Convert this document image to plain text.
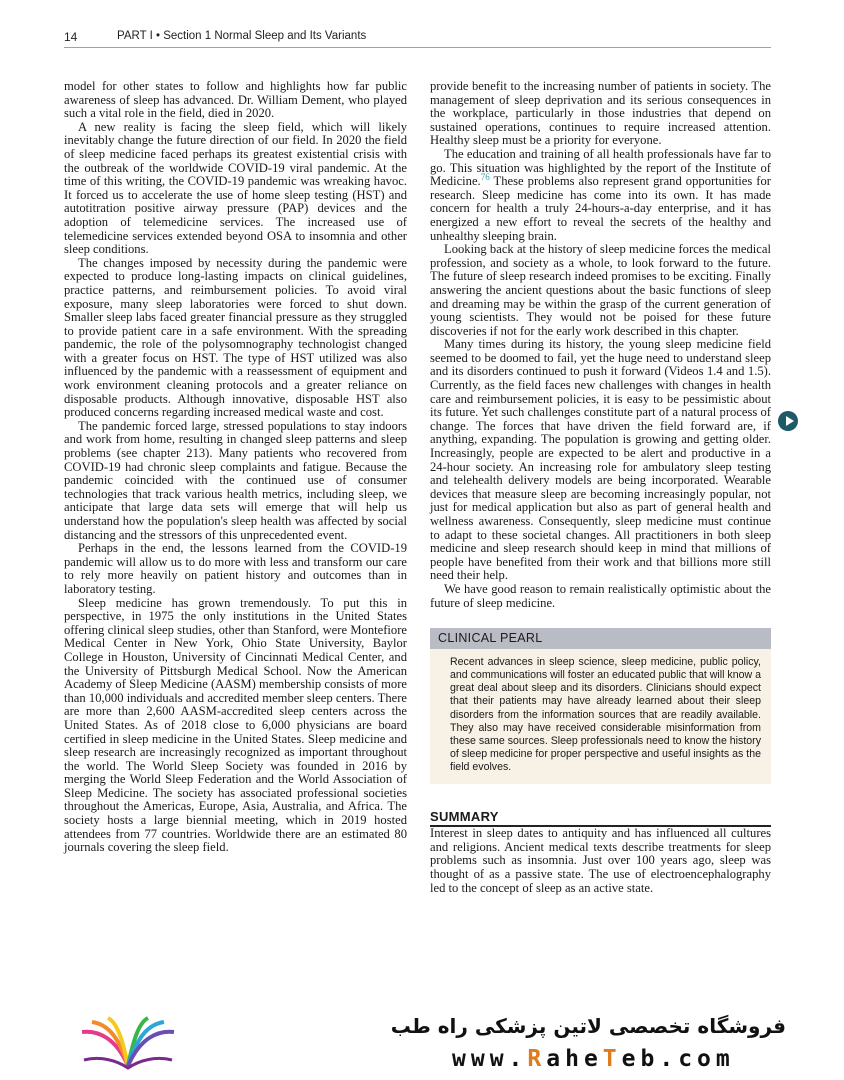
14	PART I • Section 1 Normal Sleep and Its Variants

model for other states to follow and highlights how far public awareness of sleep has advanced. Dr. William Dement, who played such a vital role in the field, died in 2020.

A new reality is facing the sleep field, which will likely inevitably change the future direction of our field. In 2020 the field of sleep medicine faced perhaps its greatest existential crisis with the outbreak of the worldwide COVID-19 viral pandemic. At the time of this writing, the COVID-19 pandemic was wreaking havoc. It forced us to accelerate the use of home sleep testing (HST) and autotitration positive airway pressure (PAP) devices and the adoption of telemedicine services. The increased use of telemedicine services extended beyond OSA to insomnia and other sleep conditions.

The changes imposed by necessity during the pandemic were expected to produce long-lasting impacts on clinical guidelines, practice patterns, and reimbursement policies. To avoid viral exposure, many sleep laboratories were forced to shut down. Smaller sleep labs faced greater financial pressure as they struggled to provide patient care in a safe environment. With the spreading pandemic, the role of the polysomnography technologist changed with a greater focus on HST. The type of HST utilized was also influenced by the pandemic with a reassessment of equipment and work environment cleaning protocols and a greater reliance on disposable products. Although innovative, disposable HST also produced concerns regarding increased medical waste and cost.

The pandemic forced large, stressed populations to stay indoors and work from home, resulting in changed sleep patterns and sleep problems (see chapter 213). Many patients who recovered from COVID-19 had chronic sleep complaints and fatigue. Because the pandemic coincided with the continued use of consumer technologies that track various health metrics, including sleep, we anticipate that large data sets will emerge that will help us understand how the population's sleep health was affected by social distancing and the stressors of this unprecedented event.

Perhaps in the end, the lessons learned from the COVID-19 pandemic will allow us to do more with less and transform our care to rely more heavily on patient history and outcomes than in laboratory testing.

Sleep medicine has grown tremendously. To put this in perspective, in 1975 the only institutions in the United States offering clinical sleep studies, other than Stanford, were Montefiore Medical Center in New York, Ohio State University, Baylor College in Houston, University of Cincinnati Medical Center, and the University of Pittsburgh Medical School. Now the American Academy of Sleep Medicine (AASM) membership consists of more than 10,000 individuals and accredited member sleep centers. There are more than 2,600 AASM-accredited sleep centers across the United States. As of 2018 close to 6,000 physicians are board certified in sleep medicine in the United States. Sleep medicine and sleep research are increasingly recognized as important throughout the world. The World Sleep Society was founded in 2016 by merging the World Sleep Federation and the World Association of Sleep Medicine. The society has associated professional societies throughout the Americas, Europe, Asia, Australia, and Africa. The society hosts a large biennial meeting, which in 2019 hosted attendees from 77 countries. Worldwide there are an estimated 80 journals covering the sleep field.

provide benefit to the increasing number of patients in society. The management of sleep deprivation and its serious consequences in the workplace, particularly in those industries that depend on sustained operations, continues to require increased attention. Healthy sleep must be a priority for everyone.

The education and training of all health professionals have far to go. This situation was highlighted by the report of the Institute of Medicine.$^{76}$ These problems also represent grand opportunities for research. Sleep medicine has come into its own. It has made concern for health a truly 24-hours-a-day enterprise, and it has energized a new effort to reveal the secrets of the healthy and unhealthy sleeping brain.

Looking back at the history of sleep medicine forces the medical profession, and society as a whole, to look forward to the future. The future of sleep research indeed promises to be exciting. Finally answering the ancient questions about the basic functions of sleep and dreaming may be within the grasp of the current generation of young scientists. They would not be poised for these future discoveries if not for the early work described in this chapter.

Many times during its history, the young sleep medicine field seemed to be doomed to fail, yet the huge need to understand sleep and its disorders continued to push it forward (Videos 1.4 and 1.5). Currently, as the field faces new challenges with changes in health care and reimbursement policies, it is easy to be pessimistic about its future. Yet such challenges constitute part of a natural process of change. The forces that have driven the field forward are, if anything, expanding. The population is growing and getting older. Increasingly, people are expected to be alert and productive in a 24-hour society. An increasing role for ambulatory sleep testing and telehealth delivery models are being incorporated. Wearable devices that measure sleep are becoming increasingly popular, not just for medical application but also as part of general health and wellness awareness. Consequently, sleep medicine must continue to adapt to these societal changes. All practitioners in both sleep medicine and sleep research should keep in mind that millions of people have benefited from their work and that billions more still need their help.

We have good reason to remain realistically optimistic about the future of sleep medicine.

CLINICAL PEARL
Recent advances in sleep science, sleep medicine, public policy, and communications will foster an educated public that will know a great deal about sleep and its disorders. Clinicians should expect that their patients may have already learned about their sleep disorders from the information sources that are readily available. They also may have received considerable misinformation from these same sources. Sleep professionals need to know the history of sleep medicine for proper perspective and useful insights as the field evolves.
SUMMARY

Interest in sleep dates to antiquity and has influenced all cultures and religions. Ancient medical texts describe treatments for sleep problems such as insomnia. Just over 100 years ago, sleep was thought of as a passive state. The use of electroencephalography led to the concept of sleep as an active state.

فروشگاه تخصصی لاتین پزشکی راه طب
www.RaheTeb.com
